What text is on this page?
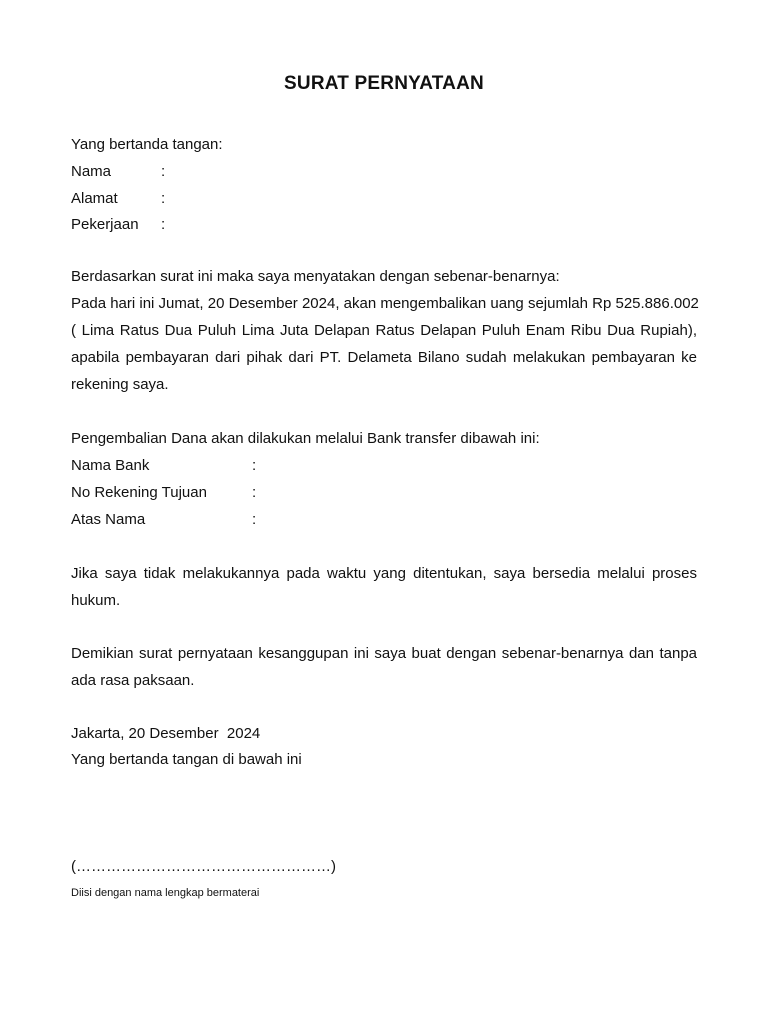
SURAT PERNYATAAN
Yang bertanda tangan:
Nama	:
Alamat	:
Pekerjaan :
Berdasarkan surat ini maka saya menyatakan dengan sebenar-benarnya:
Pada hari ini Jumat, 20 Desember 2024, akan mengembalikan uang sejumlah Rp 525.886.002
( Lima Ratus Dua Puluh Lima Juta Delapan Ratus Delapan Puluh Enam Ribu Dua Rupiah),
apabila pembayaran dari pihak dari PT. Delameta Bilano sudah melakukan pembayaran ke
rekening saya.
Pengembalian Dana akan dilakukan melalui Bank transfer dibawah ini:
Nama Bank	:
No Rekening Tujuan	:
Atas Nama	:
Jika saya tidak melakukannya pada waktu yang ditentukan, saya bersedia melalui proses
hukum.
Demikian surat pernyataan kesanggupan ini saya buat dengan sebenar-benarnya dan tanpa
ada rasa paksaan.
Jakarta, 20 Desember  2024
Yang bertanda tangan di bawah ini
(……………………………………………)
Diisi dengan nama lengkap bermaterai
